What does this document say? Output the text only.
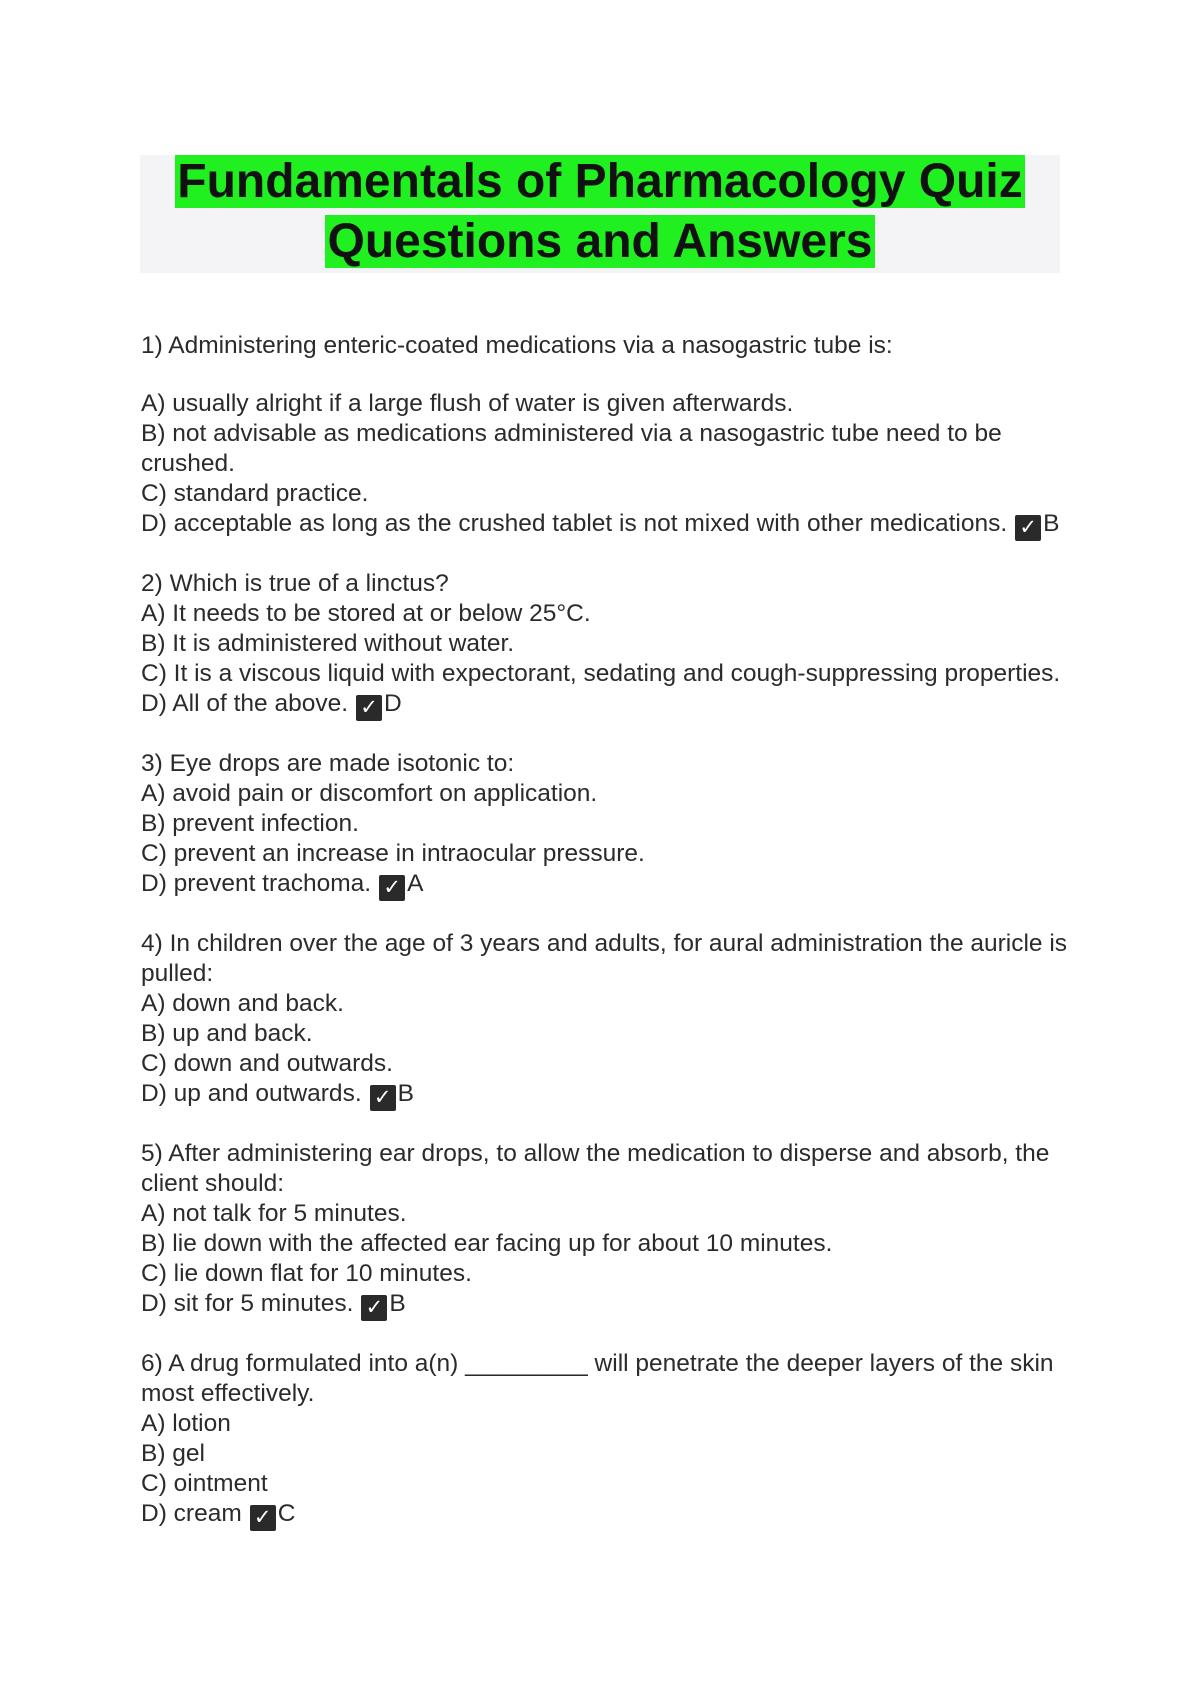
Fundamentals of Pharmacology Quiz
Questions and Answers
1) Administering enteric-coated medications via a nasogastric tube is:
A) usually alright if a large flush of water is given afterwards.
B) not advisable as medications administered via a nasogastric tube need to be crushed.
C) standard practice.
D) acceptable as long as the crushed tablet is not mixed with other medications. ✓ B
2) Which is true of a linctus?
A) It needs to be stored at or below 25°C.
B) It is administered without water.
C) It is a viscous liquid with expectorant, sedating and cough-suppressing properties.
D) All of the above. ✓ D
3) Eye drops are made isotonic to:
A) avoid pain or discomfort on application.
B) prevent infection.
C) prevent an increase in intraocular pressure.
D) prevent trachoma. ✓ A
4) In children over the age of 3 years and adults, for aural administration the auricle is pulled:
A) down and back.
B) up and back.
C) down and outwards.
D) up and outwards. ✓ B
5) After administering ear drops, to allow the medication to disperse and absorb, the client should:
A) not talk for 5 minutes.
B) lie down with the affected ear facing up for about 10 minutes.
C) lie down flat for 10 minutes.
D) sit for 5 minutes. ✓ B
6) A drug formulated into a(n) _________ will penetrate the deeper layers of the skin most effectively.
A) lotion
B) gel
C) ointment
D) cream ✓ C
